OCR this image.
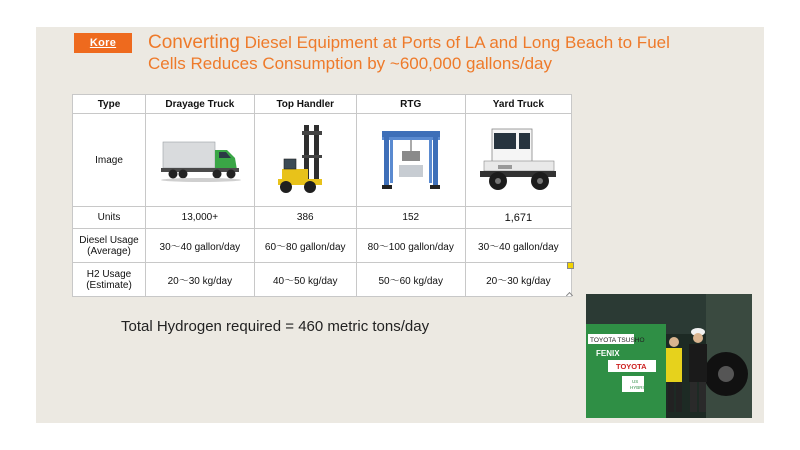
Kore Converting Diesel Equipment at Ports of LA and Long Beach to Fuel
Cells Reduces Consumption by ~600,000 gallons/day
Type	Drayage Truck	Top Handler	RTG	Yard Truck
Image				
Units	13,000+	386	152	1,671
Diesel Usage
(Average)	30～40 gallon/day	60～80 gallon/day	80～100 gallon/day	30～40 gallon/day
H2 Usage
(Estimate)	20～30 kg/day	40～50 kg/day	50～60 kg/day	20～30 kg/day
Total Hydrogen required = 460 metric tons/day
TOYOTA TSUSHO
FENIX
TOYOTA
US
HYBRID
